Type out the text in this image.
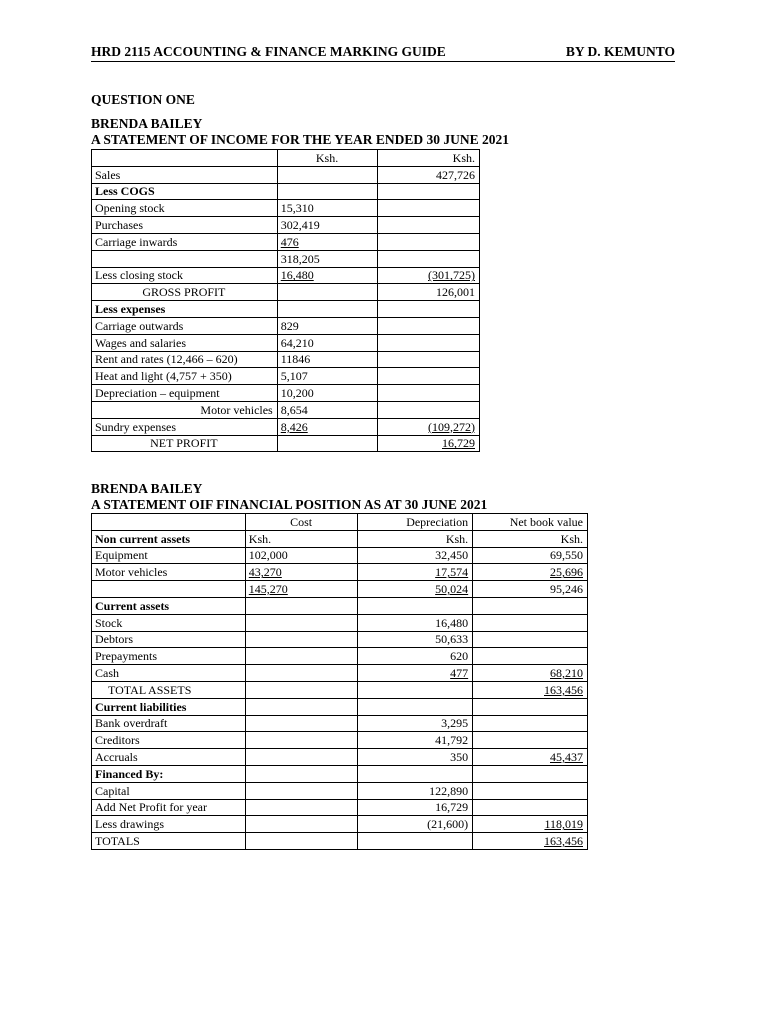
HRD 2115 ACCOUNTING & FINANCE MARKING GUIDE	BY D. KEMUNTO
QUESTION ONE
BRENDA BAILEY
A STATEMENT OF INCOME FOR THE YEAR ENDED 30 JUNE 2021
	Ksh.	Ksh.
Sales		427,726
Less COGS		
Opening stock	15,310	
Purchases	302,419	
Carriage inwards	476	
	318,205	
Less closing stock	16,480	(301,725)
GROSS PROFIT		126,001
Less expenses		
Carriage outwards	829	
Wages and salaries	64,210	
Rent and rates (12,466 – 620)	11846	
Heat and light (4,757 + 350)	5,107	
Depreciation – equipment	10,200	
Motor vehicles	8,654	
Sundry expenses	8,426	(109,272)
NET PROFIT		16,729
BRENDA BAILEY
A STATEMENT OIF FINANCIAL POSITION AS AT 30 JUNE 2021
	Cost	Depreciation	Net book value
Non current assets	Ksh.	Ksh.	Ksh.
Equipment	102,000	32,450	69,550
Motor vehicles	43,270	17,574	25,696
	145,270	50,024	95,246
Current assets			
Stock		16,480	
Debtors		50,633	
Prepayments		620	
Cash		477	68,210
TOTAL ASSETS			163,456
Current liabilities			
Bank overdraft		3,295	
Creditors		41,792	
Accruals		350	45,437
Financed By:			
Capital		122,890	
Add Net Profit for year		16,729	
Less drawings		(21,600)	118,019
TOTALS			163,456
